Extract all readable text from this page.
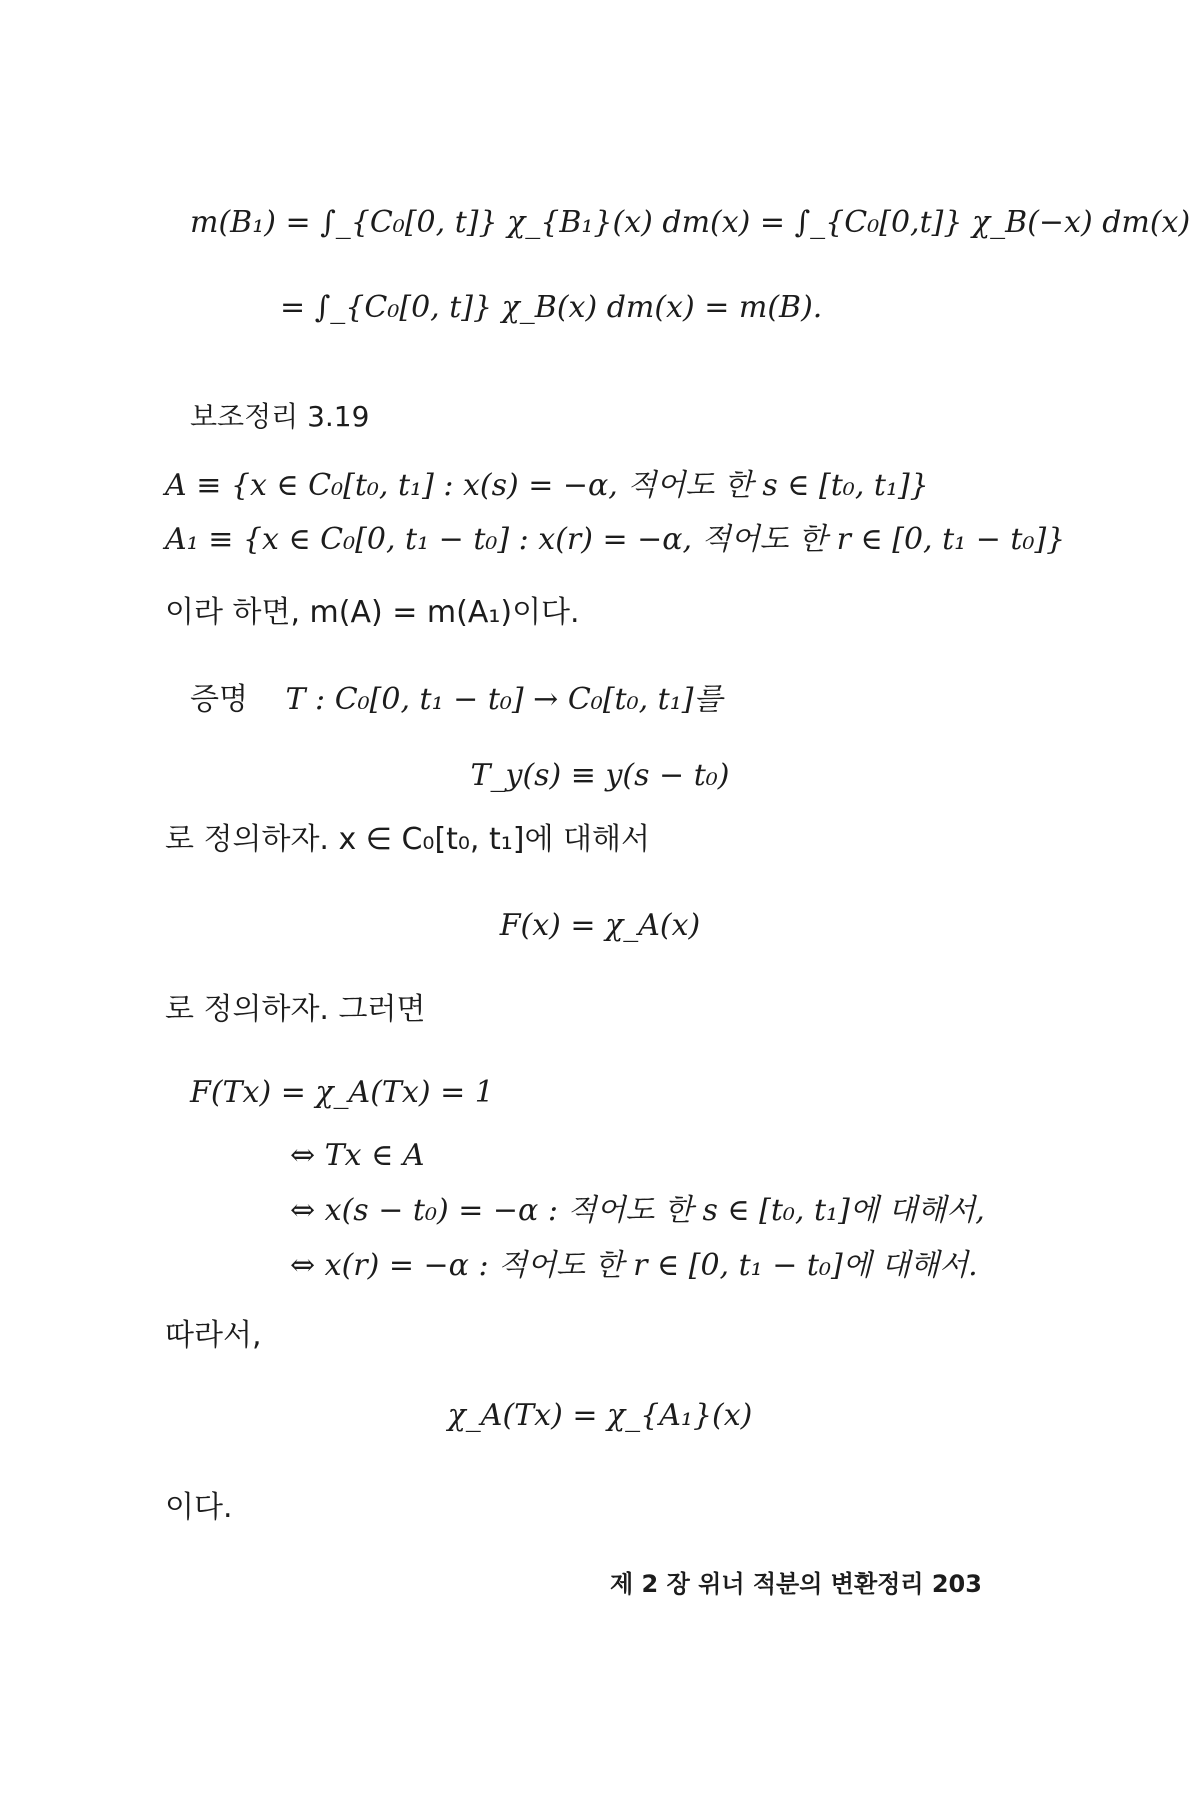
m(B₁) = ∫_{C₀[0, t]} χ_{B₁}(x) dm(x) = ∫_{C₀[0,t]} χ_B(−x) dm(x)
= ∫_{C₀[0, t]} χ_B(x) dm(x) = m(B).
보조정리 3.19
A ≡ {x ∈ C₀[t₀, t₁] : x(s) = −α, 적어도 한 s ∈ [t₀, t₁]}
A₁ ≡ {x ∈ C₀[0, t₁ − t₀] : x(r) = −α, 적어도 한 r ∈ [0, t₁ − t₀]}
이라 하면, m(A) = m(A₁)이다.
증명 T : C₀[0, t₁ − t₀] → C₀[t₀, t₁]를
T_y(s) ≡ y(s − t₀)
로 정의하자. x ∈ C₀[t₀, t₁]에 대해서
F(x) = χ_A(x)
로 정의하자. 그러면
F(Tx) = χ_A(Tx) = 1
⇔ Tx ∈ A
⇔ x(s − t₀) = −α : 적어도 한 s ∈ [t₀, t₁]에 대해서,
⇔ x(r) = −α : 적어도 한 r ∈ [0, t₁ − t₀]에 대해서.
따라서,
χ_A(Tx) = χ_{A₁}(x)
이다.
제 2 장 위너 적분의 변환정리 203
